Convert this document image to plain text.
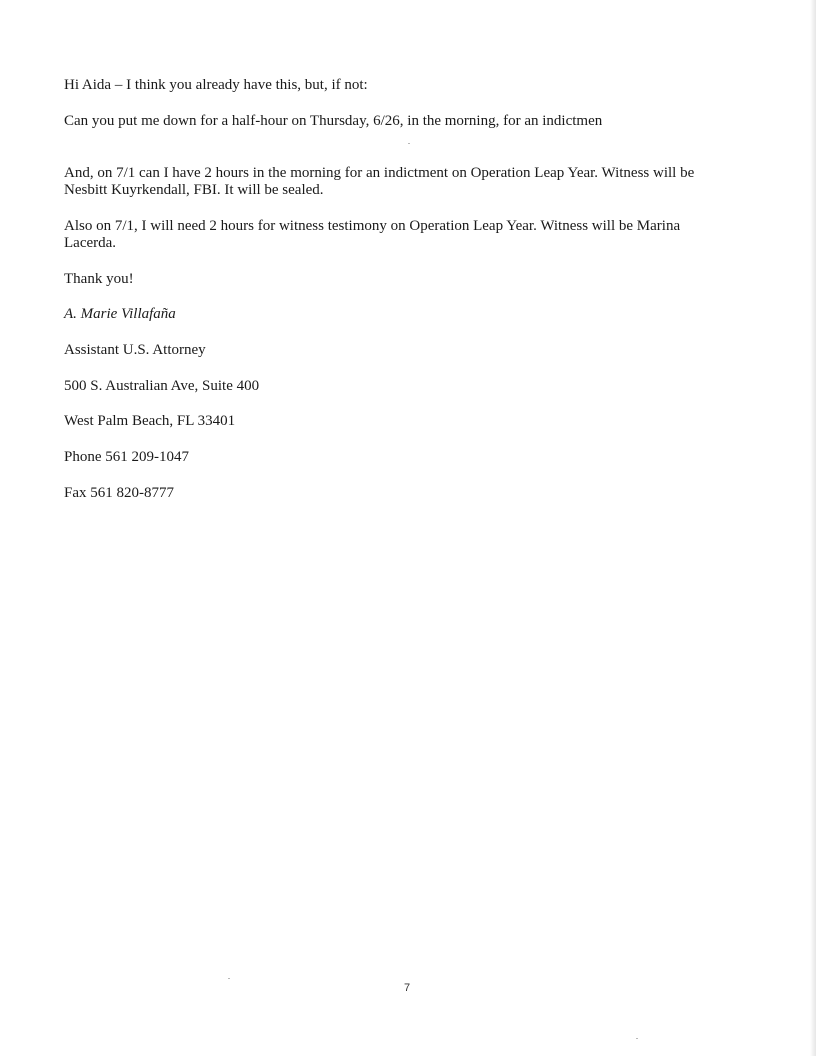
Hi Aida – I think you already have this, but, if not:

Can you put me down for a half-hour on Thursday, 6/26, in the morning, for an indictmen

And, on 7/1 can I have 2 hours in the morning for an indictment on Operation Leap Year. Witness will be Nesbitt Kuyrkendall, FBI. It will be sealed.

Also on 7/1, I will need 2 hours for witness testimony on Operation Leap Year. Witness will be Marina Lacerda.

Thank you!

A. Marie Villafaña

Assistant U.S. Attorney

500 S. Australian Ave, Suite 400

West Palm Beach, FL 33401

Phone 561 209-1047

Fax 561 820-8777

7
